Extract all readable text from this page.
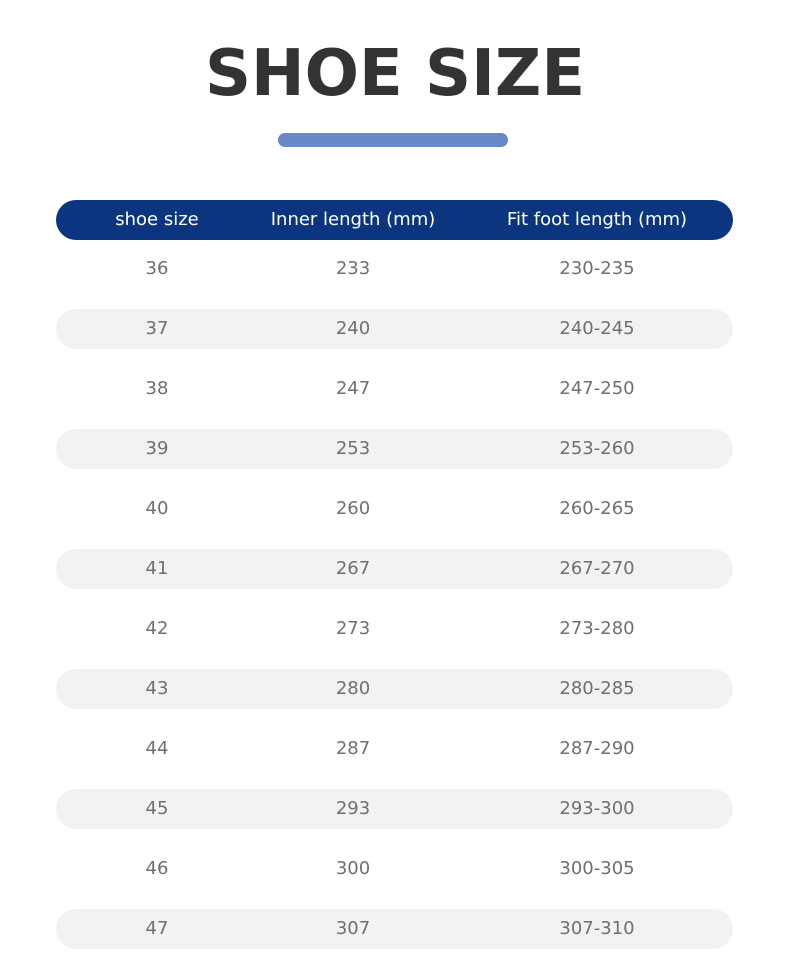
SHOE SIZE
shoe size	Inner length (mm)	Fit foot length (mm)
36	233	230-235
37	240	240-245
38	247	247-250
39	253	253-260
40	260	260-265
41	267	267-270
42	273	273-280
43	280	280-285
44	287	287-290
45	293	293-300
46	300	300-305
47	307	307-310
